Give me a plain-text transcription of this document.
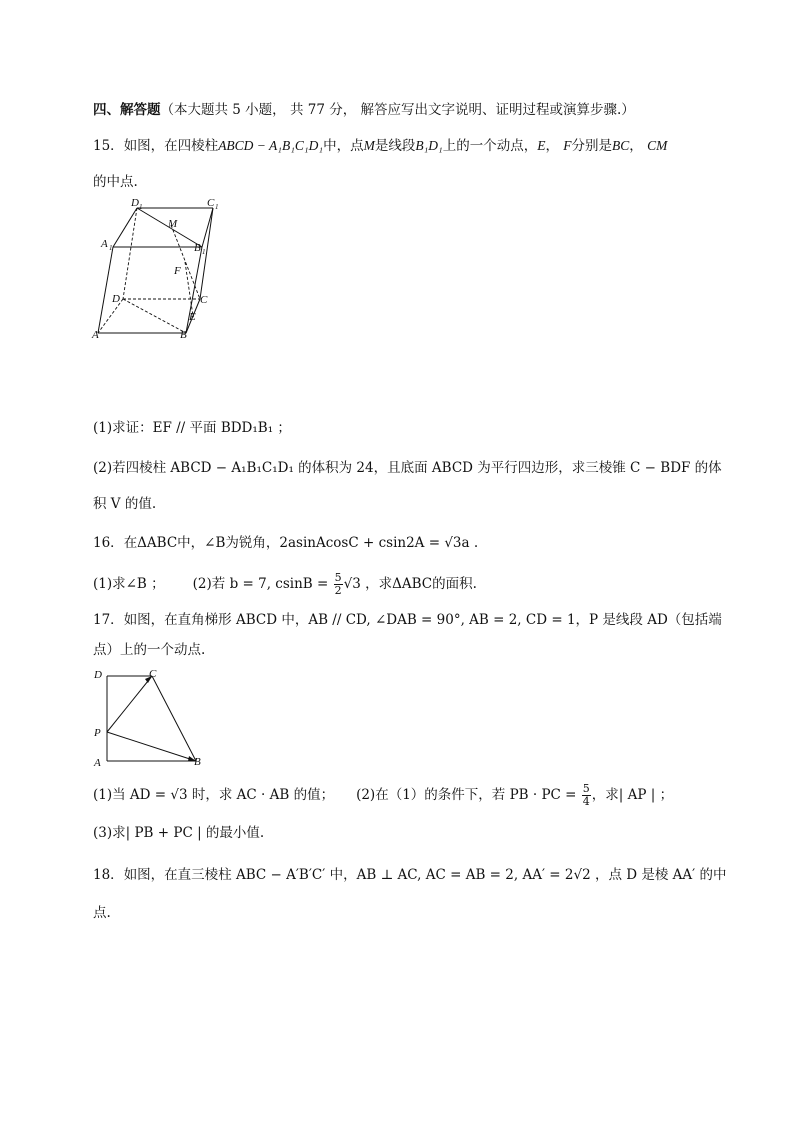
四、解答题（本大题共 5 小题， 共 77 分， 解答应写出文字说明、证明过程或演算步骤.）
15．如图，在四棱柱ABCD − A₁B₁C₁D₁中，点M是线段B₁D₁上的一个动点，E， F分别是BC， CM
的中点.
D 1	C 1
M
A 1	B 1
F
D	C
E
A	B
(1)求证：EF // 平面 BDD₁B₁ ；
(2)若四棱柱 ABCD − A₁B₁C₁D₁ 的体积为 24，且底面 ABCD 为平行四边形，求三棱锥 C − BDF 的体
积 V 的值.
16．在ΔABC中，∠B为锐角，2asinAcosC + csin2A = √3a .
(1)求∠B ； (2)若 b = 7, $csinB = \frac{5}{2} √3$ ，求ΔABC的面积.
17．如图，在直角梯形 ABCD 中，AB // CD, ∠DAB = 90°, AB = 2, CD = 1，P 是线段 AD（包括端
点）上的一个动点.
D	C
P
A	B
(1)当 AD = √3 时，求 AC · AB 的值； (2)在（1）的条件下，若 PB · PC = $\frac{5}{4}$ ，求| AP | ；
(3)求| PB + PC | 的最小值.
18．如图，在直三棱柱 ABC − A′B′C′ 中，AB ⊥ AC, AC = AB = 2, AA′ = 2√2 ，点 D 是棱 AA′ 的中
点.
